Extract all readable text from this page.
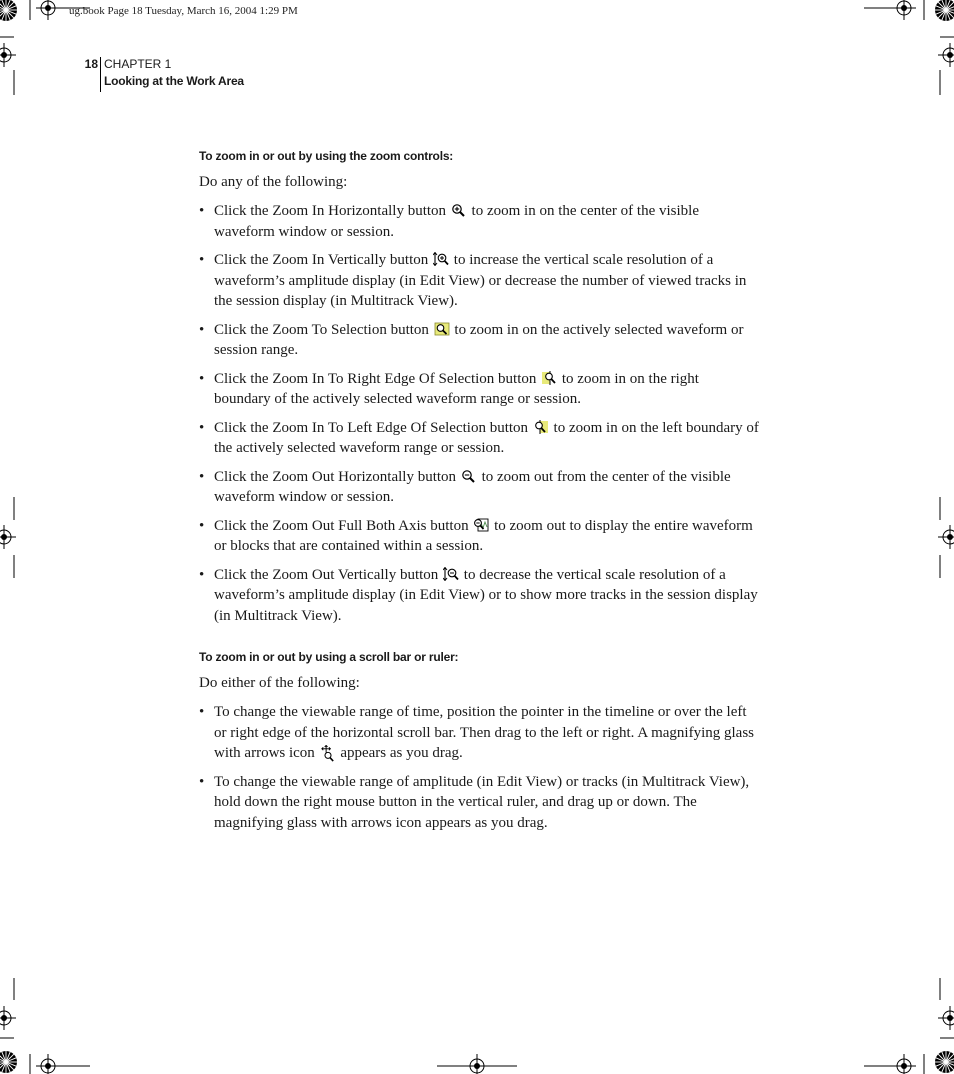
ug.book Page 18 Tuesday, March 16, 2004 1:29 PM
18 CHAPTER 1
Looking at the Work Area
To zoom in or out by using the zoom controls:

Do any of the following:

• Click the Zoom In Horizontally button  to zoom in on the center of the visible waveform window or session.
• Click the Zoom In Vertically button  to increase the vertical scale resolution of a waveform’s amplitude display (in Edit View) or decrease the number of viewed tracks in the session display (in Multitrack View).
• Click the Zoom To Selection button  to zoom in on the actively selected waveform or session range.
• Click the Zoom In To Right Edge Of Selection button  to zoom in on the right boundary of the actively selected waveform range or session.
• Click the Zoom In To Left Edge Of Selection button  to zoom in on the left boundary of the actively selected waveform range or session.
• Click the Zoom Out Horizontally button  to zoom out from the center of the visible waveform window or session.
• Click the Zoom Out Full Both Axis button  to zoom out to display the entire waveform or blocks that are contained within a session.
• Click the Zoom Out Vertically button  to decrease the vertical scale resolution of a waveform’s amplitude display (in Edit View) or to show more tracks in the session display (in Multitrack View).
To zoom in or out by using a scroll bar or ruler:

Do either of the following:

• To change the viewable range of time, position the pointer in the timeline or over the left or right edge of the horizontal scroll bar. Then drag to the left or right. A magnifying glass with arrows icon  appears as you drag.
• To change the viewable range of amplitude (in Edit View) or tracks (in Multitrack View), hold down the right mouse button in the vertical ruler, and drag up or down. The magnifying glass with arrows icon appears as you drag.
